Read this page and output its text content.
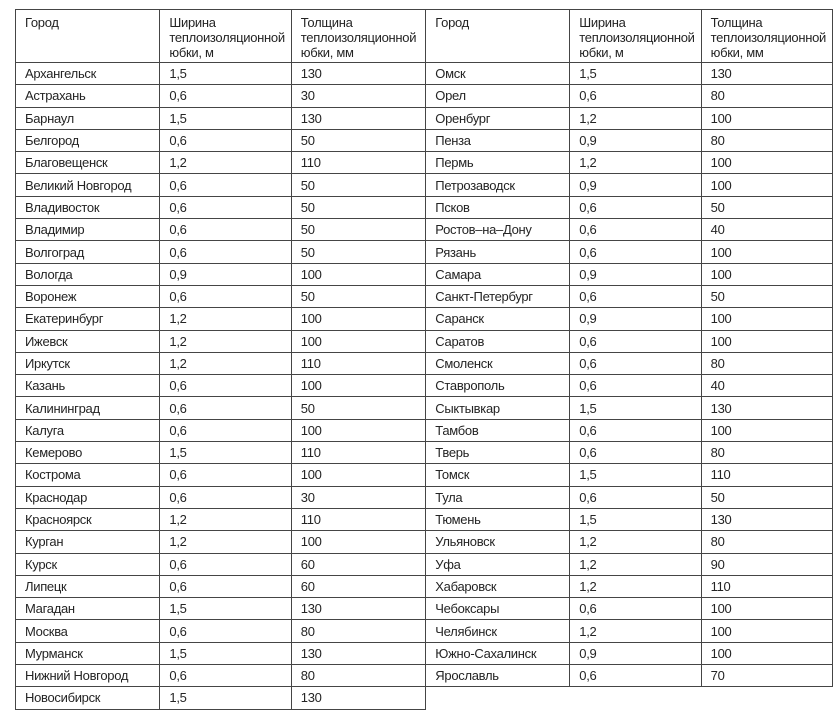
Город	Ширина теплоизоляционной юбки, м	Толщина теплоизоляционной юбки, мм
Архангельск	1,5	130
Астрахань	0,6	30
Барнаул	1,5	130
Белгород	0,6	50
Благовещенск	1,2	110
Великий Новгород	0,6	50
Владивосток	0,6	50
Владимир	0,6	50
Волгоград	0,6	50
Вологда	0,9	100
Воронеж	0,6	50
Екатеринбург	1,2	100
Ижевск	1,2	100
Иркутск	1,2	110
Казань	0,6	100
Калининград	0,6	50
Калуга	0,6	100
Кемерово	1,5	110
Кострома	0,6	100
Краснодар	0,6	30
Красноярск	1,2	110
Курган	1,2	100
Курск	0,6	60
Липецк	0,6	60
Магадан	1,5	130
Москва	0,6	80
Мурманск	1,5	130
Нижний Новгород	0,6	80
Новосибирск	1,5	130
Город	Ширина теплоизоляционной юбки, м	Толщина теплоизоляционной юбки, мм
Омск	1,5	130
Орел	0,6	80
Оренбург	1,2	100
Пенза	0,9	80
Пермь	1,2	100
Петрозаводск	0,9	100
Псков	0,6	50
Ростов–на–Дону	0,6	40
Рязань	0,6	100
Самара	0,9	100
Санкт-Петербург	0,6	50
Саранск	0,9	100
Саратов	0,6	100
Смоленск	0,6	80
Ставрополь	0,6	40
Сыктывкар	1,5	130
Тамбов	0,6	100
Тверь	0,6	80
Томск	1,5	110
Тула	0,6	50
Тюмень	1,5	130
Ульяновск	1,2	80
Уфа	1,2	90
Хабаровск	1,2	110
Чебоксары	0,6	100
Челябинск	1,2	100
Южно-Сахалинск	0,9	100
Ярославль	0,6	70
